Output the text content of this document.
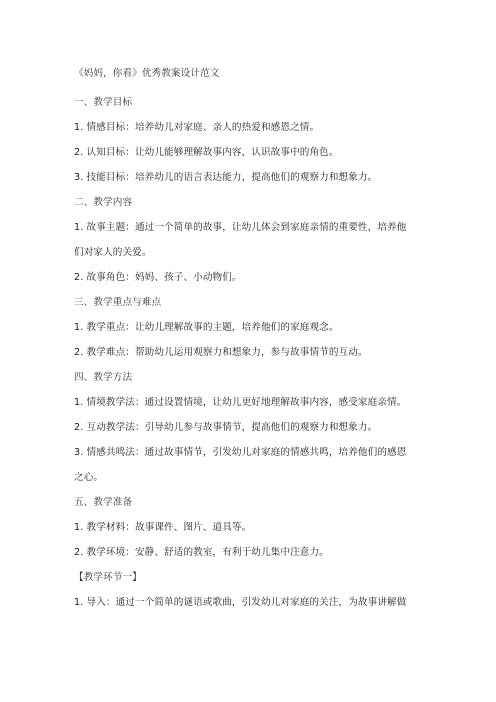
《妈妈，你看》优秀教案设计范文
一、教学目标
1. 情感目标：培养幼儿对家庭、亲人的热爱和感恩之情。
2. 认知目标：让幼儿能够理解故事内容，认识故事中的角色。
3. 技能目标：培养幼儿的语言表达能力，提高他们的观察力和想象力。
二、教学内容
1. 故事主题：通过一个简单的故事，让幼儿体会到家庭亲情的重要性，培养他
们对家人的关爱。
2. 故事角色：妈妈、孩子、小动物们。
三、教学重点与难点
1. 教学重点：让幼儿理解故事的主题，培养他们的家庭观念。
2. 教学难点：帮助幼儿运用观察力和想象力，参与故事情节的互动。
四、教学方法
1. 情境教学法：通过设置情境，让幼儿更好地理解故事内容，感受家庭亲情。
2. 互动教学法：引导幼儿参与故事情节，提高他们的观察力和想象力。
3. 情感共鸣法：通过故事情节，引发幼儿对家庭的情感共鸣，培养他们的感恩
之心。
五、教学准备
1. 教学材料：故事课件、图片、道具等。
2. 教学环境：安静、舒适的教室，有利于幼儿集中注意力。
【教学环节一】
1. 导入：通过一个简单的谜语或歌曲，引发幼儿对家庭的关注，为故事讲解做
